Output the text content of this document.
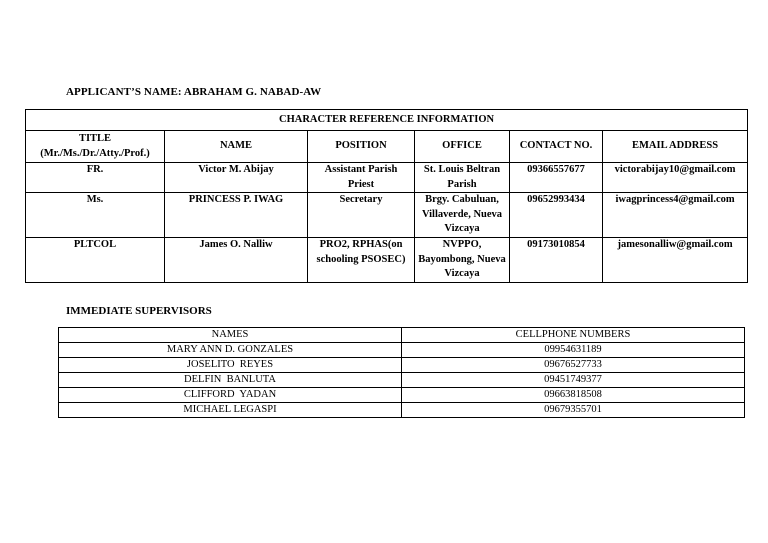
APPLICANT’S NAME: ABRAHAM G. NABAD-AW
CHARACTER REFERENCE INFORMATION					
TITLE (Mr./Ms./Dr./Atty./Prof.)	NAME	POSITION	OFFICE	CONTACT NO.	EMAIL ADDRESS
FR.	Victor M. Abijay	Assistant Parish Priest	St. Louis Beltran Parish	09366557677	victorabijay10@gmail.com
Ms.	PRINCESS P. IWAG	Secretary	Brgy. Cabuluan, Villaverde, Nueva Vizcaya	09652993434	iwagprincess4@gmail.com
PLTCOL	James O. Nalliw	PRO2, RPHAS(on schooling PSOSEC)	NVPPO, Bayombong, Nueva Vizcaya	09173010854	jamesonalliw@gmail.com
IMMEDIATE SUPERVISORS
NAMES	CELLPHONE NUMBERS
MARY ANN D. GONZALES	09954631189
JOSELITO  REYES	09676527733
DELFIN  BANLUTA	09451749377
CLIFFORD  YADAN	09663818508
MICHAEL LEGASPI	09679355701
